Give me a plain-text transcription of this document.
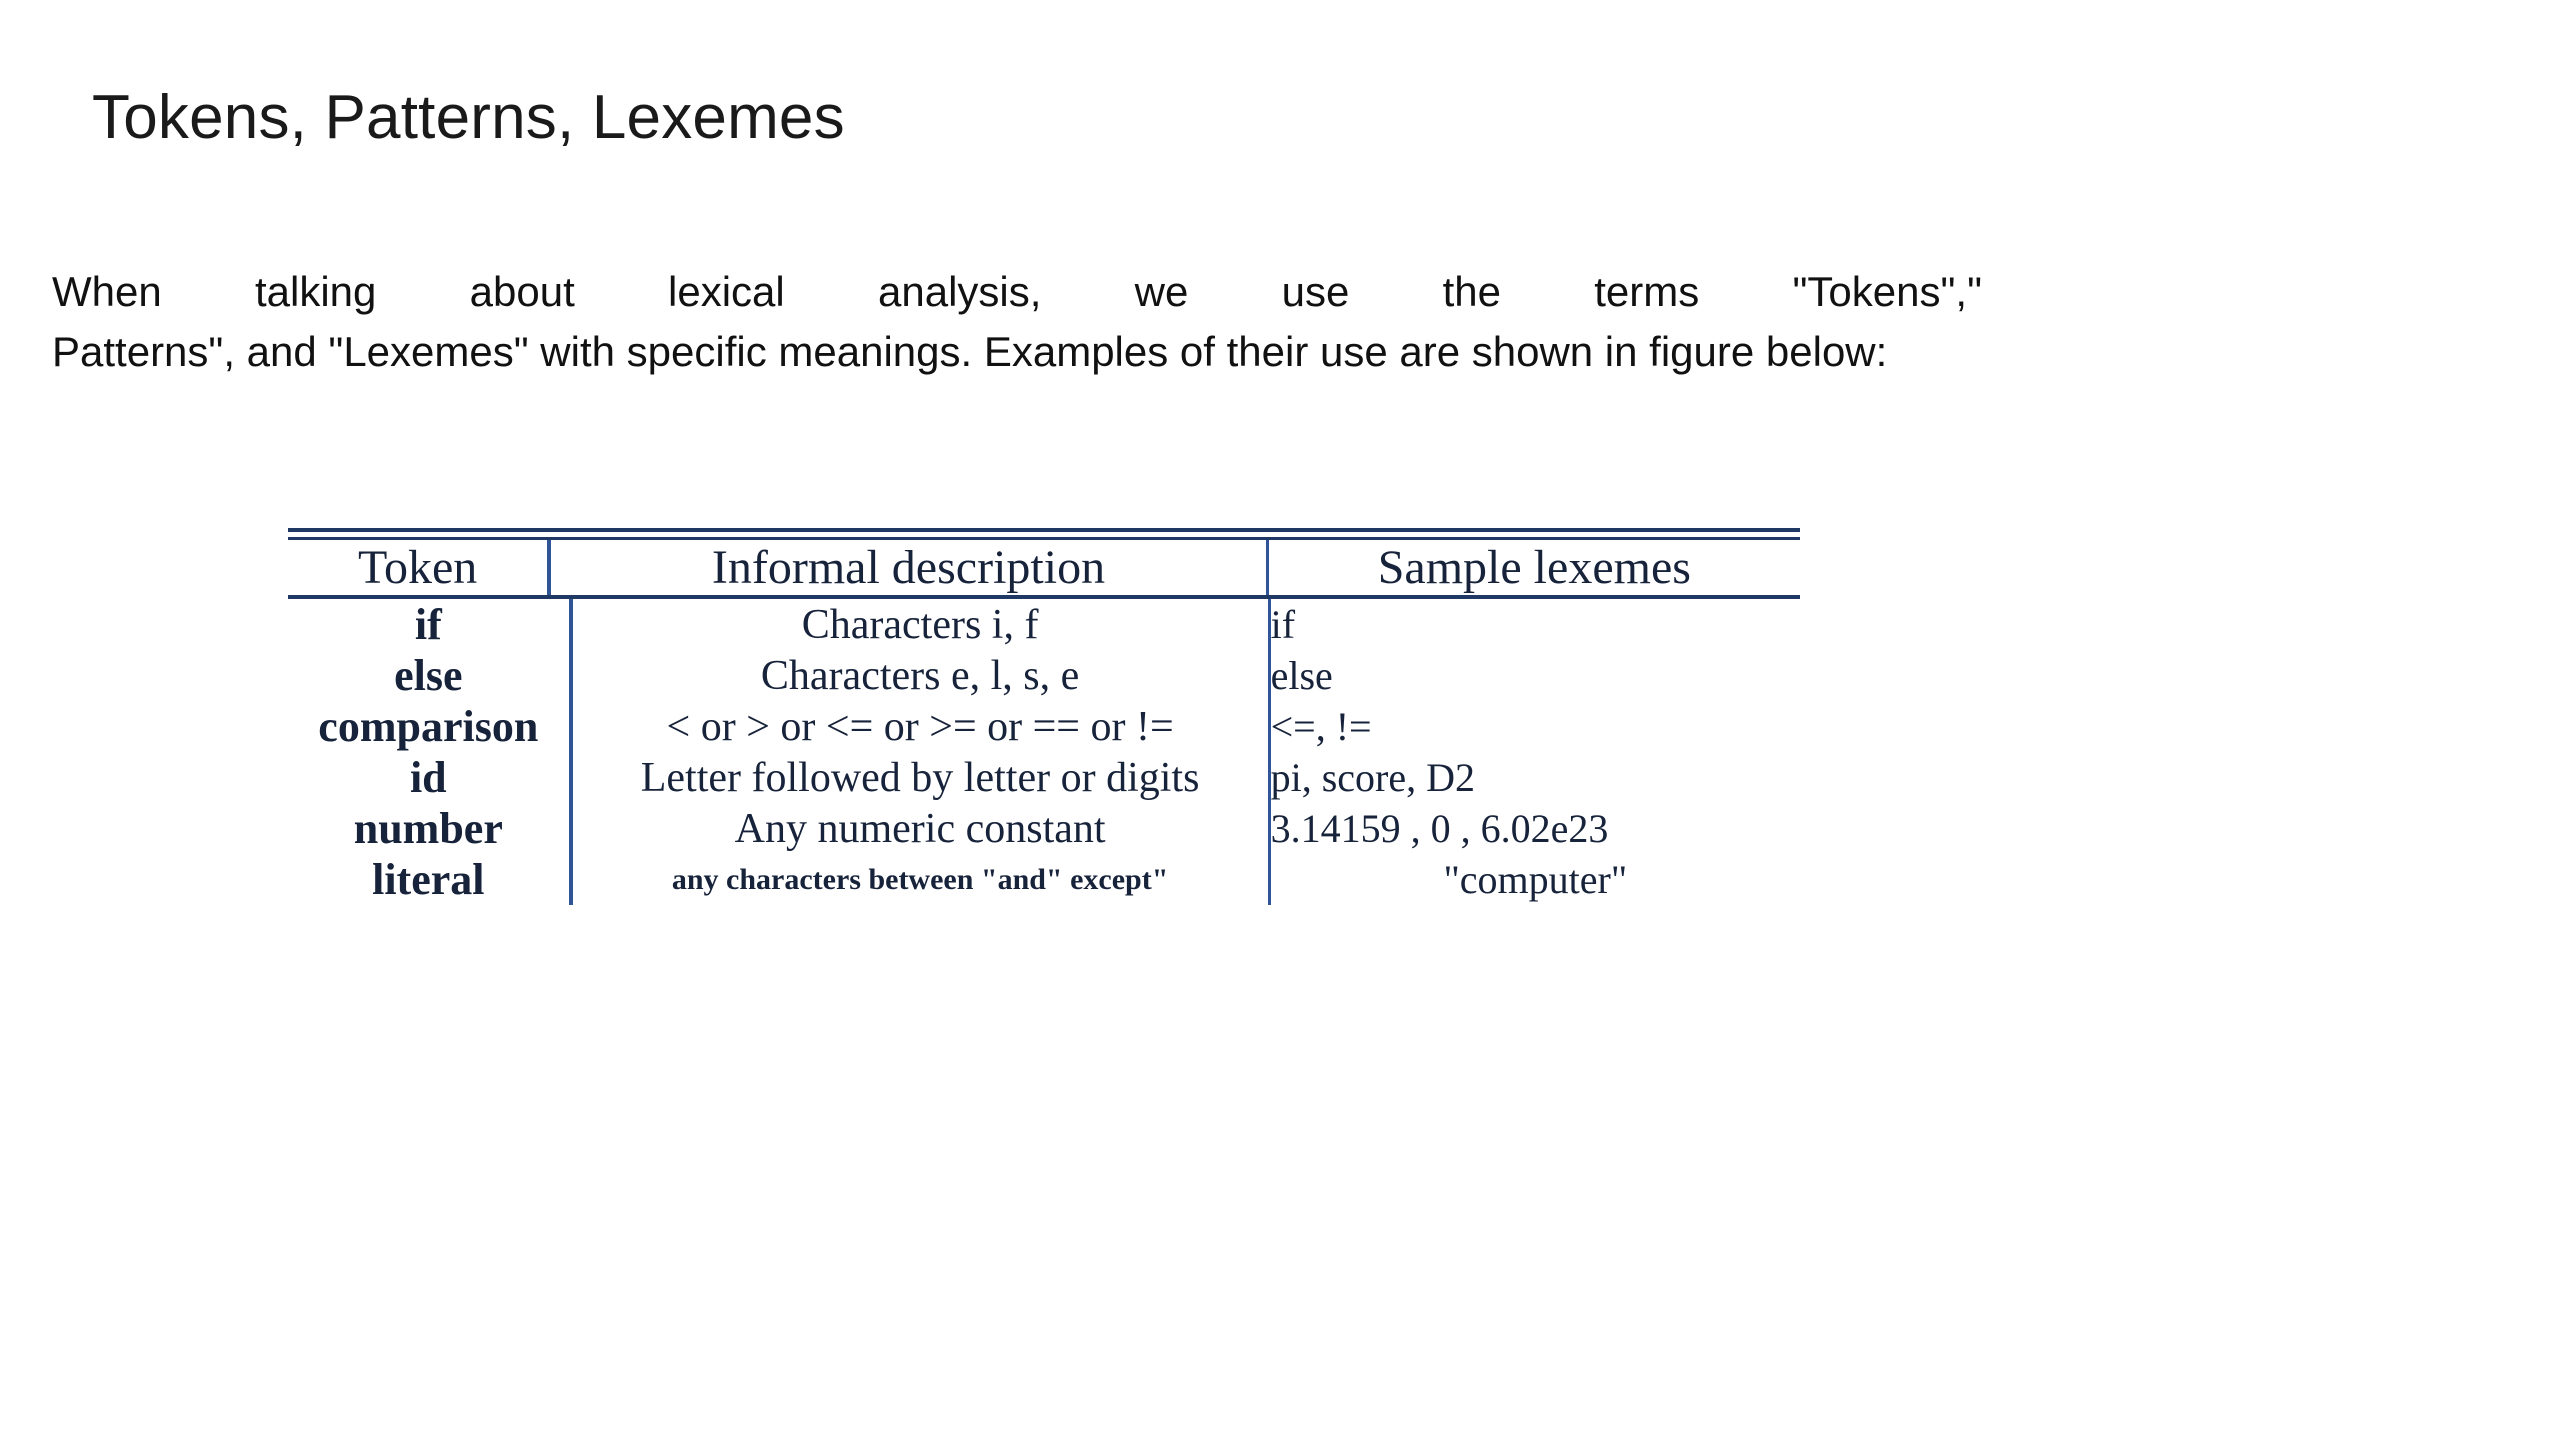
Tokens, Patterns, Lexemes
When talking about lexical analysis, we use the terms "Tokens","
Patterns", and "Lexemes" with specific meanings. Examples of their use are shown in figure below:
Token	Informal description	Sample lexemes
if	Characters i, f	if
else	Characters e, l, s, e	else
comparison	< or > or <= or >= or == or !=	<=, !=
id	Letter followed by letter or digits	pi, score, D2
number	Any numeric constant	3.14159 , 0 , 6.02e23
literal	any characters between "and" except"	"computer"
